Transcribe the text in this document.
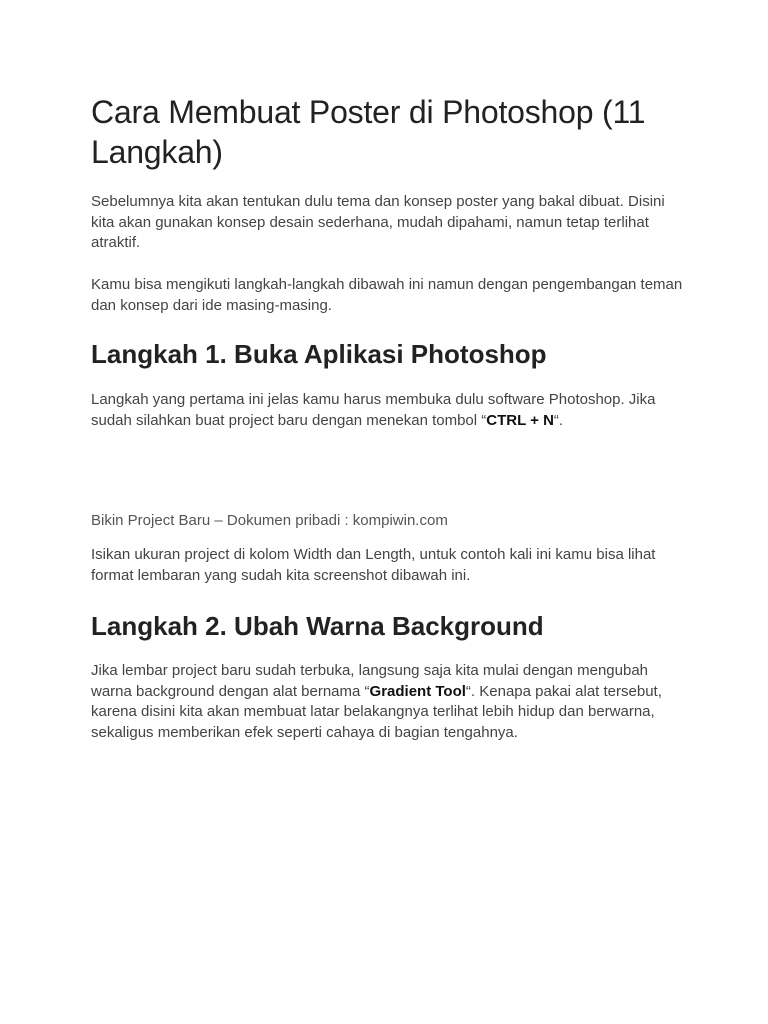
Cara Membuat Poster di Photoshop (11 Langkah)

Sebelumnya kita akan tentukan dulu tema dan konsep poster yang bakal dibuat. Disini kita akan gunakan konsep desain sederhana, mudah dipahami, namun tetap terlihat atraktif.

Kamu bisa mengikuti langkah-langkah dibawah ini namun dengan pengembangan teman dan konsep dari ide masing-masing.

Langkah 1. Buka Aplikasi Photoshop

Langkah yang pertama ini jelas kamu harus membuka dulu software Photoshop. Jika sudah silahkan buat project baru dengan menekan tombol “CTRL + N“.

Bikin Project Baru – Dokumen pribadi : kompiwin.com

Isikan ukuran project di kolom Width dan Length, untuk contoh kali ini kamu bisa lihat format lembaran yang sudah kita screenshot dibawah ini.

Langkah 2. Ubah Warna Background

Jika lembar project baru sudah terbuka, langsung saja kita mulai dengan mengubah warna background dengan alat bernama “Gradient Tool“. Kenapa pakai alat tersebut, karena disini kita akan membuat latar belakangnya terlihat lebih hidup dan berwarna, sekaligus memberikan efek seperti cahaya di bagian tengahnya.
